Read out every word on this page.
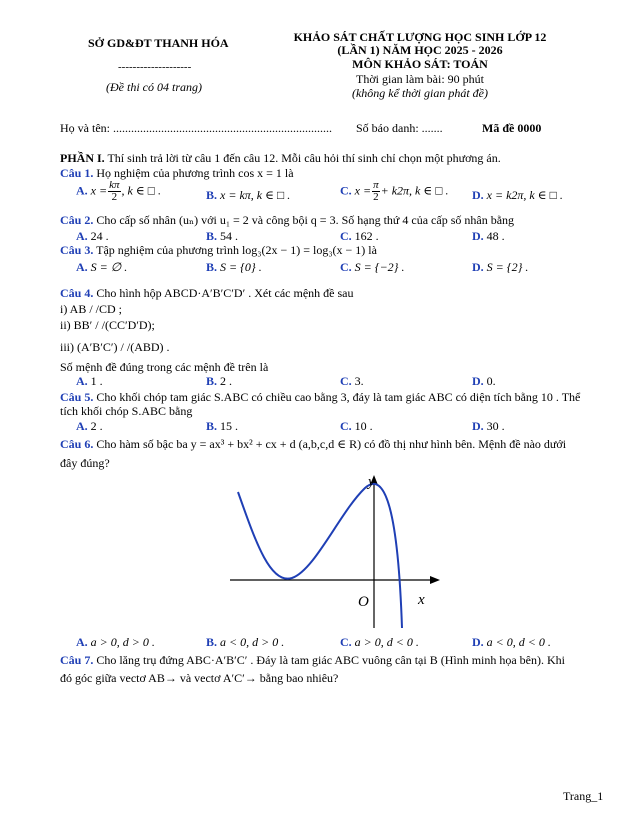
SỞ GD&ĐT THANH HÓA
--------------------
(Đề thi có 04 trang)
KHẢO SÁT CHẤT LƯỢNG HỌC SINH LỚP 12
(LẦN 1) NĂM HỌC 2025 - 2026
MÔN KHẢO SÁT: TOÁN
Thời gian làm bài: 90 phút
(không kể thời gian phát đề)
Họ và tên: ......................................................................... Số báo danh: .......	Mã đề 0000
PHẦN I. Thí sinh trả lời từ câu 1 đến câu 12. Mỗi câu hỏi thí sinh chỉ chọn một phương án.
Câu 1. Họ nghiệm của phương trình cos x = 1 là
A. $x = \frac{k\pi}{2}$ , k ∈ □ .	B. x = kπ, k ∈ □ .	C. $x = \frac{\pi}{2} + k2\pi$, k ∈ □ . D. x = k2π, k ∈ □ .
Câu 2. Cho cấp số nhân (uₙ) với u₁ = 2 và công bội q = 3. Số hạng thứ 4 của cấp số nhân bằng
A. 24 .	B. 54 .	C. 162 .	D. 48 .
Câu 3. Tập nghiệm của phương trình log₃(2x − 1) = log₃(x − 1) là
A. S = ∅ .	B. S = {0} .	C. S = {−2} .	D. S = {2} .
Câu 4. Cho hình hộp ABCD·A′B′C′D′ . Xét các mệnh đề sau
i) AB / /CD ;
ii) BB′ / /(CC′D′D);
iii) (A′B′C′) / /(ABD) .
Số mệnh đề đúng trong các mệnh đề trên là
A. 1 .	B. 2 .	C. 3.	D. 0.
Câu 5. Cho khối chóp tam giác S.ABC có chiều cao bằng 3, đáy là tam giác ABC có diện tích bằng 10 . Thể
tích khối chóp S.ABC bằng
A. 2 .	B. 15 .	C. 10 .	D. 30 .
Câu 6. Cho hàm số bậc ba y = ax³ + bx² + cx + d (a,b,c,d ∈ R) có đồ thị như hình bên. Mệnh đề nào dưới
đây đúng?
y
x
O
A. a > 0, d > 0 .	B. a < 0, d > 0 .	C. a > 0, d < 0 .	D. a < 0, d < 0 .
Câu 7. Cho lăng trụ đứng ABC·A′B′C′ . Đáy là tam giác ABC vuông cân tại B (Hình minh họa bên). Khi
đó góc giữa vectơ AB→ và vectơ A′C′→ bằng bao nhiêu?
Trang_1
